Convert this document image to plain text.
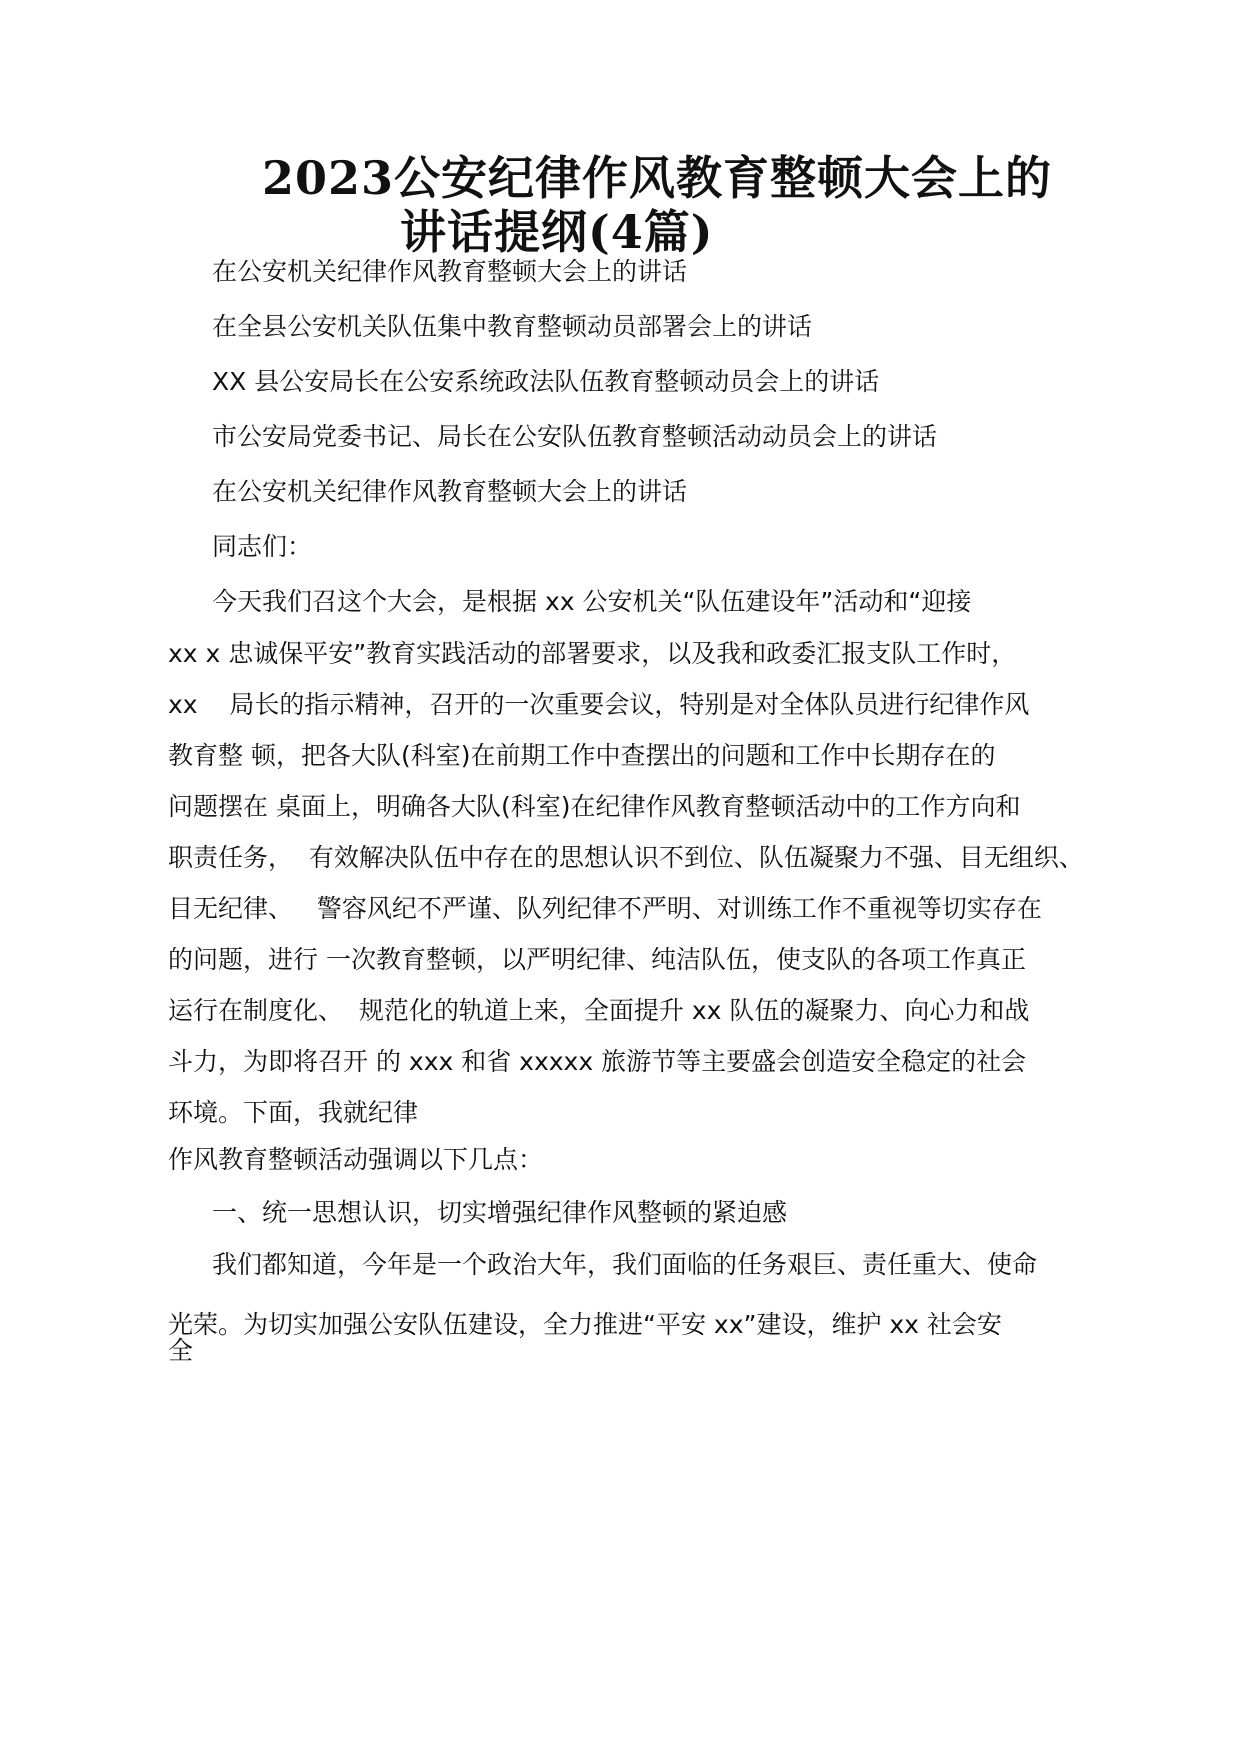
2023公安纪律作风教育整顿大会上的
讲话提纲(4篇)
在公安机关纪律作风教育整顿大会上的讲话
在全县公安机关队伍集中教育整顿动员部署会上的讲话
XX 县公安局长在公安系统政法队伍教育整顿动员会上的讲话
市公安局党委书记、局长在公安队伍教育整顿活动动员会上的讲话
在公安机关纪律作风教育整顿大会上的讲话
同志们：
今天我们召这个大会，是根据 xx 公安机关“队伍建设年”活动和“迎接
xx x 忠诚保平安”教育实践活动的部署要求，以及我和政委汇报支队工作时，
xx    局长的指示精神，召开的一次重要会议，特别是对全体队员进行纪律作风
教育整 顿，把各大队(科室)在前期工作中查摆出的问题和工作中长期存在的
问题摆在 桌面上，明确各大队(科室)在纪律作风教育整顿活动中的工作方向和
职责任务，  有效解决队伍中存在的思想认识不到位、队伍凝聚力不强、目无组织、
目无纪律、   警容风纪不严谨、队列纪律不严明、对训练工作不重视等切实存在
的问题，进行 一次教育整顿，以严明纪律、纯洁队伍，使支队的各项工作真正
运行在制度化、  规范化的轨道上来，全面提升 xx 队伍的凝聚力、向心力和战
斗力，为即将召开 的 xxx 和省 xxxxx 旅游节等主要盛会创造安全稳定的社会
环境。下面，我就纪律
作风教育整顿活动强调以下几点：
一、统一思想认识，切实增强纪律作风整顿的紧迫感
我们都知道，今年是一个政治大年，我们面临的任务艰巨、责任重大、使命
光荣。为切实加强公安队伍建设，全力推进“平安 xx”建设，维护 xx 社会安
全
